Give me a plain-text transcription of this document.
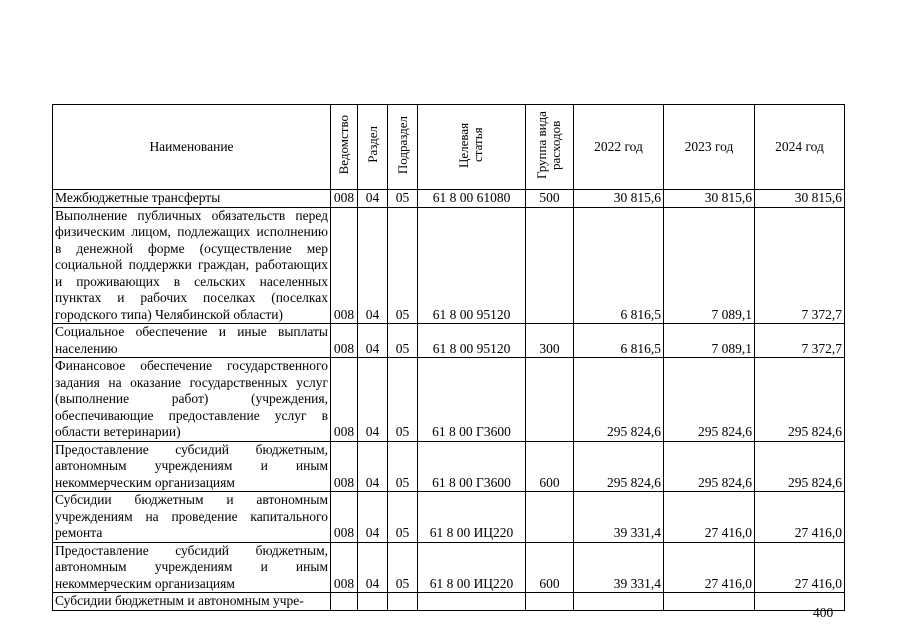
Наименование	Ведомство	Раздел	Подраздел	Целевая статья	Группа вида расходов	2022 год	2023 год	2024 год
Межбюджетные трансферты	008	04	05	61 8 00 61080	500	30 815,6	30 815,6	30 815,6
Выполнение публичных обязательств перед физическим лицом, подлежащих исполнению в денежной форме (осуществление мер социальной поддержки граждан, работающих и проживающих в сельских населенных пунктах и рабочих поселках (поселках городского типа) Челябинской области)	008	04	05	61 8 00 95120		6 816,5	7 089,1	7 372,7
Социальное обеспечение и иные выплаты населению	008	04	05	61 8 00 95120	300	6 816,5	7 089,1	7 372,7
Финансовое обеспечение государственного задания на оказание государственных услуг (выполнение работ) (учреждения, обеспечивающие предоставление услуг в области ветеринарии)	008	04	05	61 8 00 Г3600		295 824,6	295 824,6	295 824,6
Предоставление субсидий бюджетным, автономным учреждениям и иным некоммерческим организациям	008	04	05	61 8 00 Г3600	600	295 824,6	295 824,6	295 824,6
Субсидии бюджетным и автономным учреждениям на проведение капитального ремонта	008	04	05	61 8 00 ИЦ220		39 331,4	27 416,0	27 416,0
Предоставление субсидий бюджетным, автономным учреждениям и иным некоммерческим организациям	008	04	05	61 8 00 ИЦ220	600	39 331,4	27 416,0	27 416,0
Субсидии бюджетным и автономным учре-								
400
